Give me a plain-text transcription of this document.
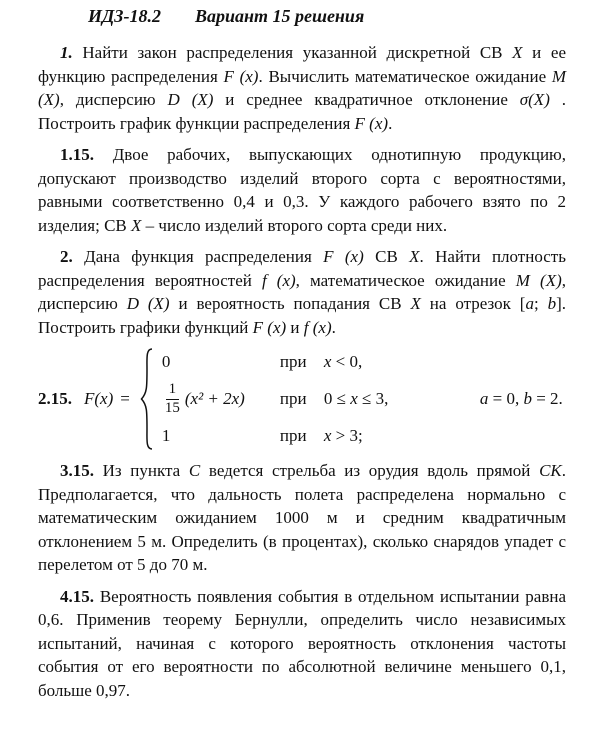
ИДЗ-18.2 Вариант 15 решения

1. Найти закон распределения указанной дискретной СВ X и ее функцию распределения F (x). Вычислить математическое ожидание M (X), дисперсию D (X) и среднее квадратичное отклонение σ(X) . Построить график функции распределения F (x).

1.15. Двое рабочих, выпускающих однотипную продукцию, допускают производство изделий второго сорта с вероятностями, равными соответственно 0,4 и 0,3. У каждого рабочего взято по 2 изделия; СВ X – число изделий второго сорта среди них.

2. Дана функция распределения F (x) СВ X. Найти плотность распределения вероятностей f (x), математическое ожидание M (X), дисперсию D (X) и вероятность попадания СВ X на отрезок [a; b]. Построить графики функций F (x) и f (x).

2.15. F(x) =
0	при	x < 0,
$\frac{1}{15} (x^2 + 2x)$ при	0 ≤ x ≤ 3,	a = 0, b = 2.
1	при	x > 3;

3.15. Из пункта C ведется стрельба из орудия вдоль прямой CK. Предполагается, что дальность полета распределена нормально с математическим ожиданием 1000 м и средним квадратичным отклонением 5 м. Определить (в процентах), сколько снарядов упадет с перелетом от 5 до 70 м.

4.15. Вероятность появления события в отдельном испытании равна 0,6. Применив теорему Бернулли, определить число независимых испытаний, начиная с которого вероятность отклонения частоты события от его вероятности по абсолютной величине меньшего 0,1, больше 0,97.
